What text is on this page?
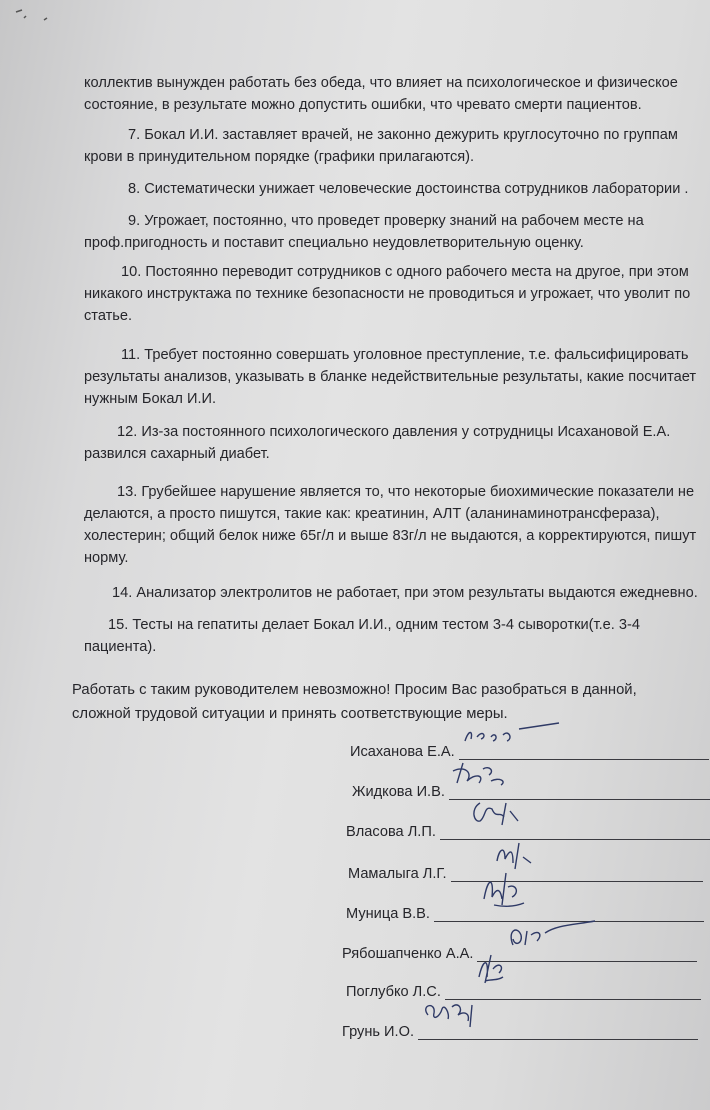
коллектив вынужден работать без обеда, что влияет на психологическое и физическое
состояние, в результате можно допустить ошибки, что чревато смерти пациентов.
7. Бокал И.И. заставляет врачей, не законно дежурить круглосуточно по группам
крови в принудительном порядке (графики прилагаются).
8. Систематически унижает человеческие достоинства сотрудников лаборатории .
9. Угрожает, постоянно, что проведет проверку знаний на рабочем месте на
проф.пригодность и поставит специально неудовлетворительную оценку.
10. Постоянно переводит сотрудников с одного рабочего места на другое, при этом
никакого инструктажа по технике безопасности не проводиться и угрожает, что уволит по
статье.
11. Требует постоянно совершать уголовное преступление, т.е. фальсифицировать
результаты анализов, указывать в бланке недействительные результаты, какие посчитает
нужным Бокал И.И.
12. Из-за постоянного психологического давления у сотрудницы Исахановой Е.А.
развился сахарный диабет.
13. Грубейшее нарушение является то, что некоторые биохимические показатели не
делаются, а просто пишутся, такие как: креатинин, АЛТ (аланинаминотрансфераза),
холестерин; общий белок ниже 65г/л и выше 83г/л не выдаются, а корректируются, пишут
норму.
14. Анализатор электролитов не работает, при этом результаты выдаются ежедневно.
15. Тесты на гепатиты делает Бокал И.И., одним тестом 3-4 сыворотки(т.е. 3-4
пациента).
Работать с таким руководителем невозможно! Просим Вас разобраться в данной,
сложной трудовой ситуации и принять соответствующие меры.
Исаханова Е.А.
Жидкова И.В.
Власова Л.П.
Мамалыга Л.Г.
Муница В.В.
Рябошапченко А.А.
Поглубко Л.С.
Грунь И.О.
